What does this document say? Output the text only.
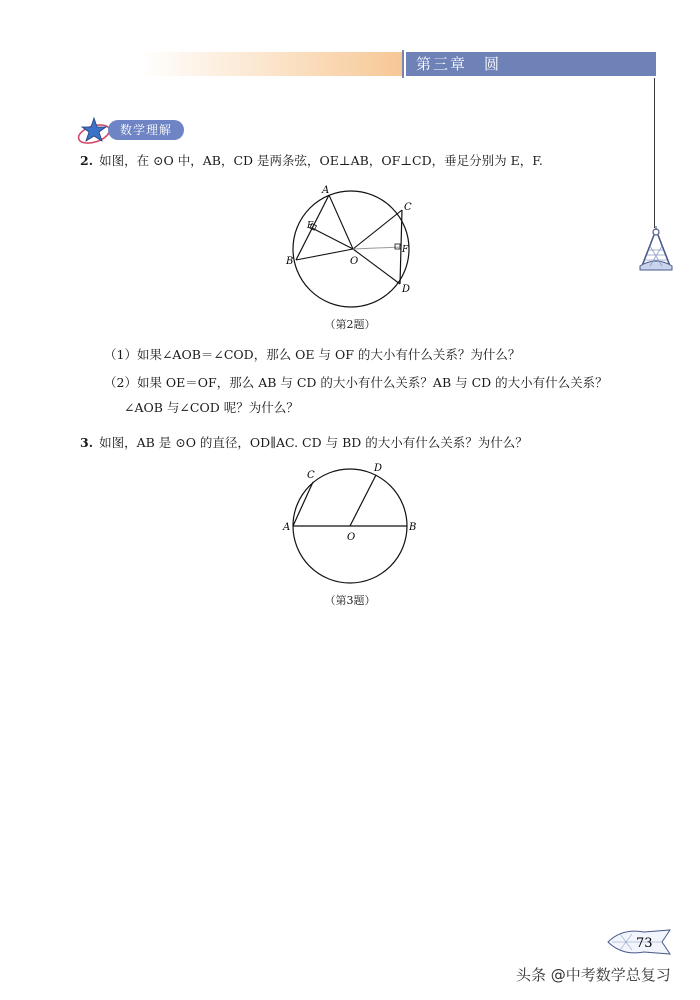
第三章　圆
数学理解
2. 如图，在 ⊙O 中，AB，CD 是两条弦，OE⊥AB，OF⊥CD，垂足分别为 E，F.
A
B
C
D
E
F
O
（第2题）
（1）如果∠AOB＝∠COD，那么 OE 与 OF 的大小有什么关系？为什么？
（2）如果 OE＝OF，那么 AB 与 CD 的大小有什么关系？AB 与 CD 的大小有什么关系？
∠AOB 与∠COD 呢？为什么？
3. 如图，AB 是 ⊙O 的直径，OD∥AC. CD 与 BD 的大小有什么关系？为什么？
A	B
C
D
O
（第3题）
73
头条 @中考数学总复习
